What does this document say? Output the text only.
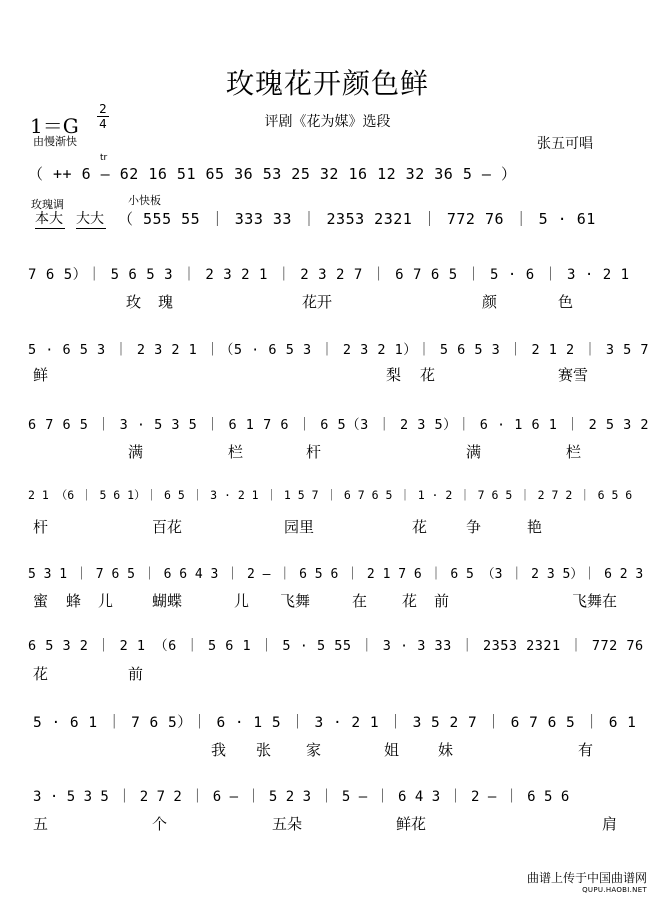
玫瑰花开颜色鲜
1＝G
2
4	评剧《花为媒》选段
由慢渐快	张五可唱
tr
（ ++ 6 – 62 16 51 65 36 53 25 32 16 12 32 36 5 – ）
玫瑰调	小快板
本大 大大 （ 555 55 ｜ 333 33 ｜ 2353 2321 ｜ 772 76 ｜ 5 · 61
7 6 5）｜ 5 6 5 3 ｜ 2 3 2 1 ｜ 2 3 2 7 ｜ 6 7 6 5 ｜ 5 · 6 ｜ 3 · 2 1
玫 瑰	花开	颜	色
5 · 6 5 3 ｜ 2 3 2 1 ｜（5 · 6 5 3 ｜ 2 3 2 1）｜ 5 6 5 3 ｜ 2 1 2 ｜ 3 5 7
鲜	梨 花	赛雪
6 7 6 5 ｜ 3 · 5 3 5 ｜ 6 1 7 6 ｜ 6 5（3 ｜ 2 3 5）｜ 6 · 1 6 1 ｜ 2 5 3 2
满	栏	杆	满	栏
2 1 （6 ｜ 5 6 1）｜ 6 5 ｜ 3 · 2 1 ｜ 1 5 7 ｜ 6 7 6 5 ｜ 1 · 2 ｜ 7 6 5 ｜ 2 7 2 ｜ 6 5 6
杆	百花	园里	花	争	艳
5 3 1 ｜ 7 6 5 ｜ 6 6 4 3 ｜ 2 – ｜ 6 5 6 ｜ 2 1 7 6 ｜ 6 5 （3 ｜ 2 3 5）｜ 6 2 3
蜜 蜂 儿	蝴蝶	儿 飞舞	在 花 前	飞舞在
6 5 3 2 ｜ 2 1 （6 ｜ 5 6 1 ｜ 5 · 5 55 ｜ 3 · 3 33 ｜ 2353 2321 ｜ 772 76
花	前
5 · 6 1 ｜ 7 6 5）｜ 6 · 1 5 ｜ 3 · 2 1 ｜ 3 5 2 7 ｜ 6 7 6 5 ｜ 6 1
我 张 家	姐	妹	有
3 · 5 3 5 ｜ 2 7 2 ｜ 6 – ｜ 5 2 3 ｜ 5 – ｜ 6 4 3 ｜ 2 – ｜ 6 5 6
五	个	五朵	鲜花	肩
曲谱上传于中国曲谱网
QUPU.HAOBI.NET
